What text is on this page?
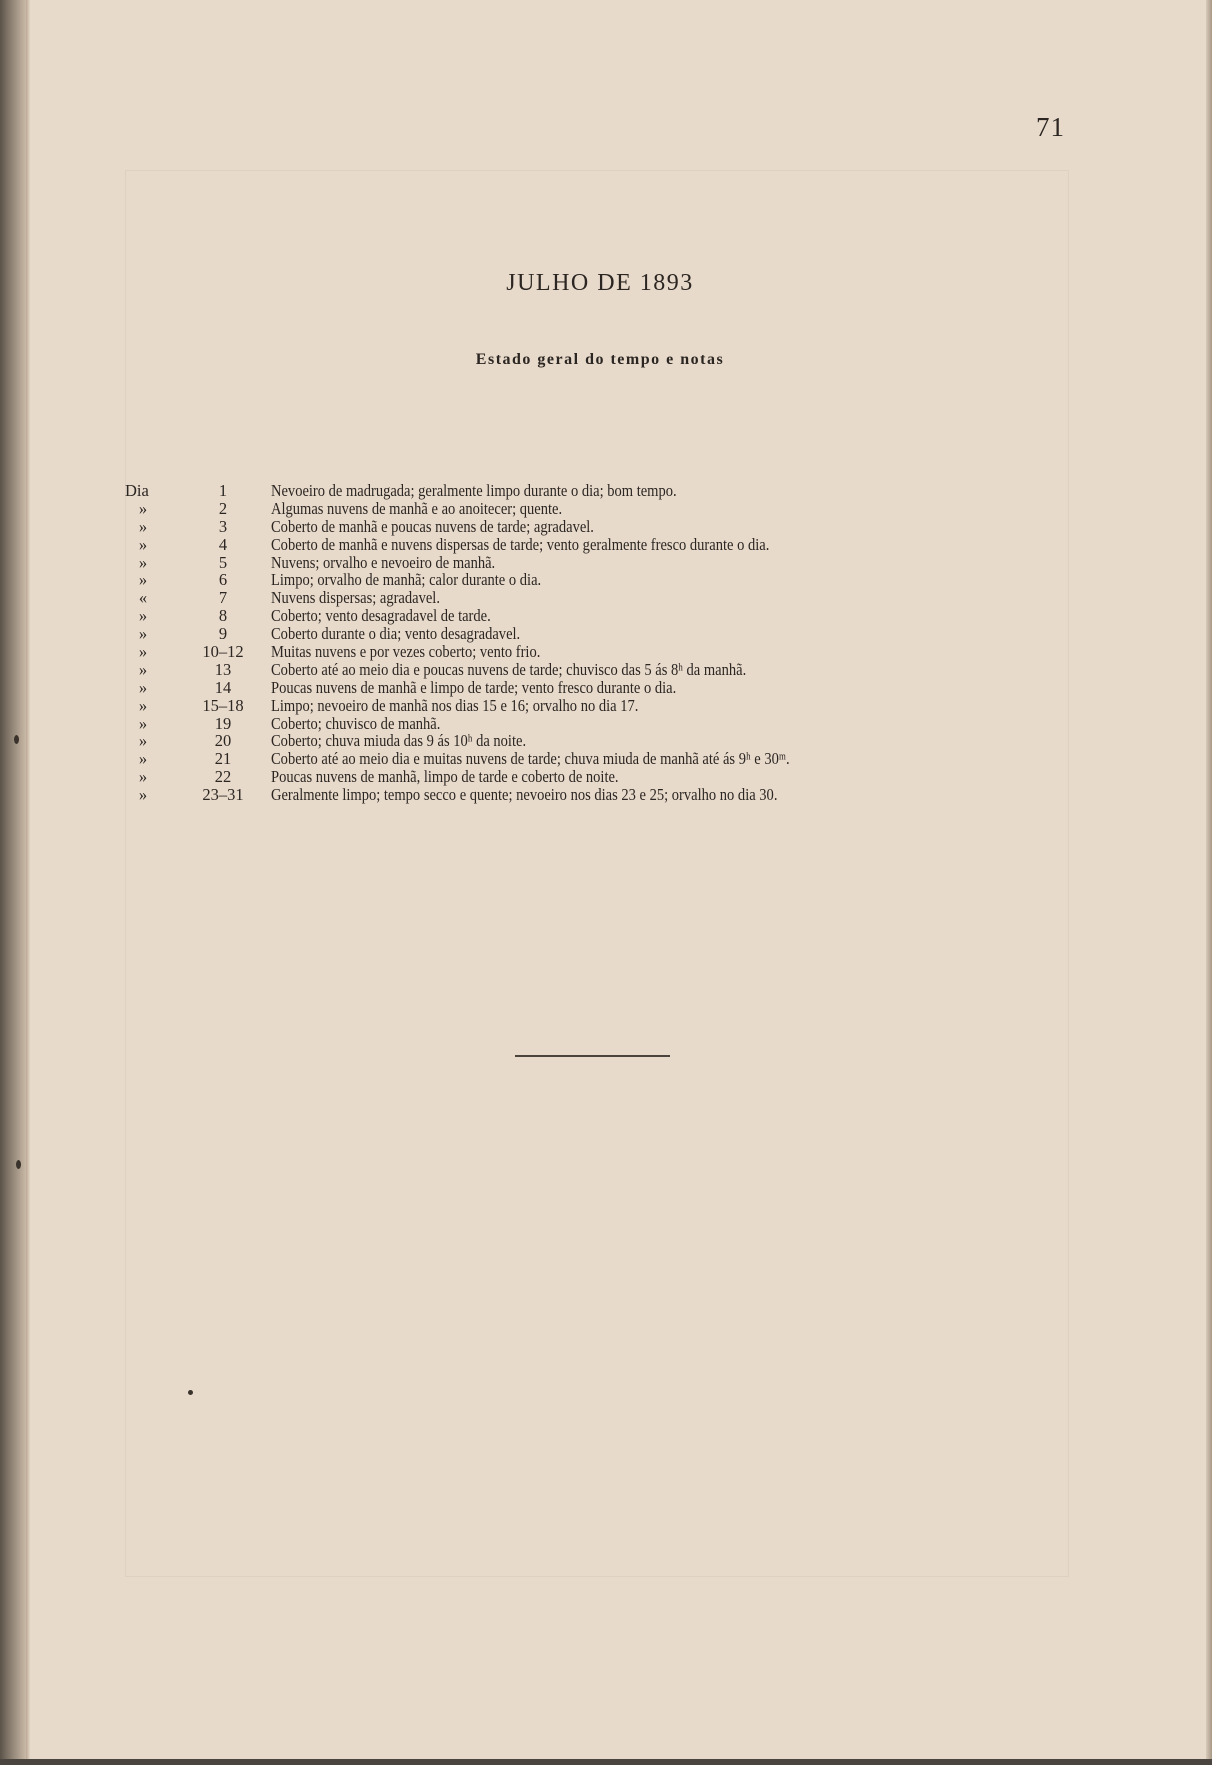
71
JULHO DE 1893
Estado geral do tempo e notas
Dia	1	Nevoeiro de madrugada; geralmente limpo durante o dia; bom tempo.
»	2	Algumas nuvens de manhã e ao anoitecer; quente.
»	3	Coberto de manhã e poucas nuvens de tarde; agradavel.
»	4	Coberto de manhã e nuvens dispersas de tarde; vento geralmente fresco durante o dia.
»	5	Nuvens; orvalho e nevoeiro de manhã.
»	6	Limpo; orvalho de manhã; calor durante o dia.
«	7	Nuvens dispersas; agradavel.
»	8	Coberto; vento desagradavel de tarde.
»	9	Coberto durante o dia; vento desagradavel.
»	10–12	Muitas nuvens e por vezes coberto; vento frio.
»	13	Coberto até ao meio dia e poucas nuvens de tarde; chuvisco das 5 ás 8ʰ da manhã.
»	14	Poucas nuvens de manhã e limpo de tarde; vento fresco durante o dia.
»	15–18	Limpo; nevoeiro de manhã nos dias 15 e 16; orvalho no dia 17.
»	19	Coberto; chuvisco de manhã.
»	20	Coberto; chuva miuda das 9 ás 10ʰ da noite.
»	21	Coberto até ao meio dia e muitas nuvens de tarde; chuva miuda de manhã até ás 9ʰ e 30ᵐ.
»	22	Poucas nuvens de manhã, limpo de tarde e coberto de noite.
»	23–31	Geralmente limpo; tempo secco e quente; nevoeiro nos dias 23 e 25; orvalho no dia 30.
